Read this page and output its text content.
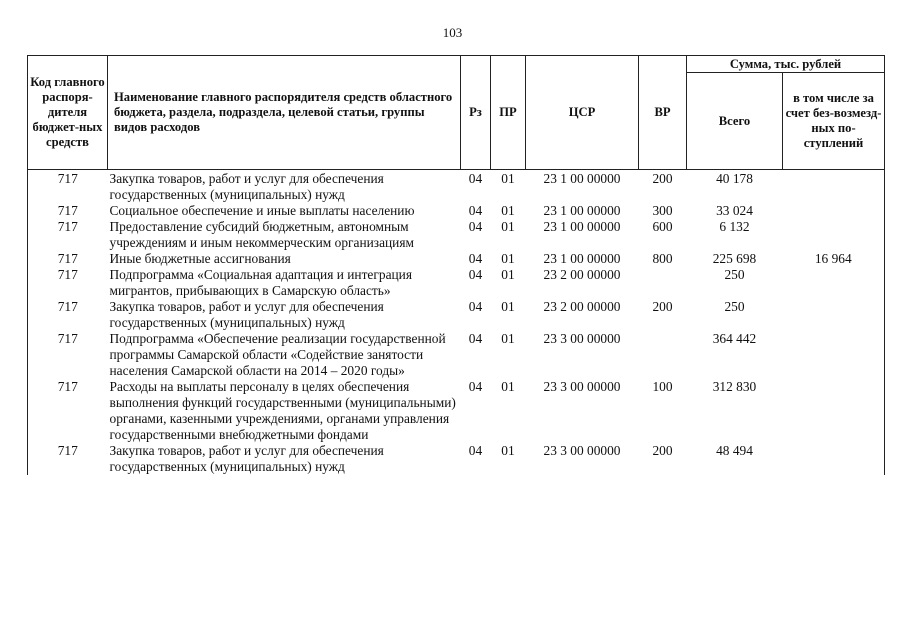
103
Код главного распоря-дителя бюджет-ных средств	Наименование главного распорядителя средств областного бюджета, раздела, подраздела, целевой статьи, группы видов расходов	Рз	ПР	ЦСР	ВР	Сумма, тыс. рублей	
						Всего	в том числе за счет без-возмезд-ных по-ступлений
717	Закупка товаров, работ и услуг для обеспечения государственных (муниципальных) нужд	04	01	23 1 00 00000	200	40 178	
717	Социальное обеспечение и иные выплаты населению	04	01	23 1 00 00000	300	33 024	
717	Предоставление субсидий бюджетным, автономным учреждениям и иным некоммерческим организациям	04	01	23 1 00 00000	600	6 132	
717	Иные бюджетные ассигнования	04	01	23 1 00 00000	800	225 698	16 964
717	Подпрограмма «Социальная адаптация и интеграция мигрантов, прибывающих в Самарскую область»	04	01	23 2 00 00000		250	
717	Закупка товаров, работ и услуг для обеспечения государственных (муниципальных) нужд	04	01	23 2 00 00000	200	250	
717	Подпрограмма «Обеспечение реализации государственной программы Самарской области «Содействие занятости населения Самарской области на 2014 – 2020 годы»	04	01	23 3 00 00000		364 442	
717	Расходы на выплаты персоналу в целях обеспечения выполнения функций государственными (муниципальными) органами, казенными учреждениями, органами управления государственными внебюджетными фондами	04	01	23 3 00 00000	100	312 830	
717	Закупка товаров, работ и услуг для обеспечения государственных (муниципальных) нужд	04	01	23 3 00 00000	200	48 494	
